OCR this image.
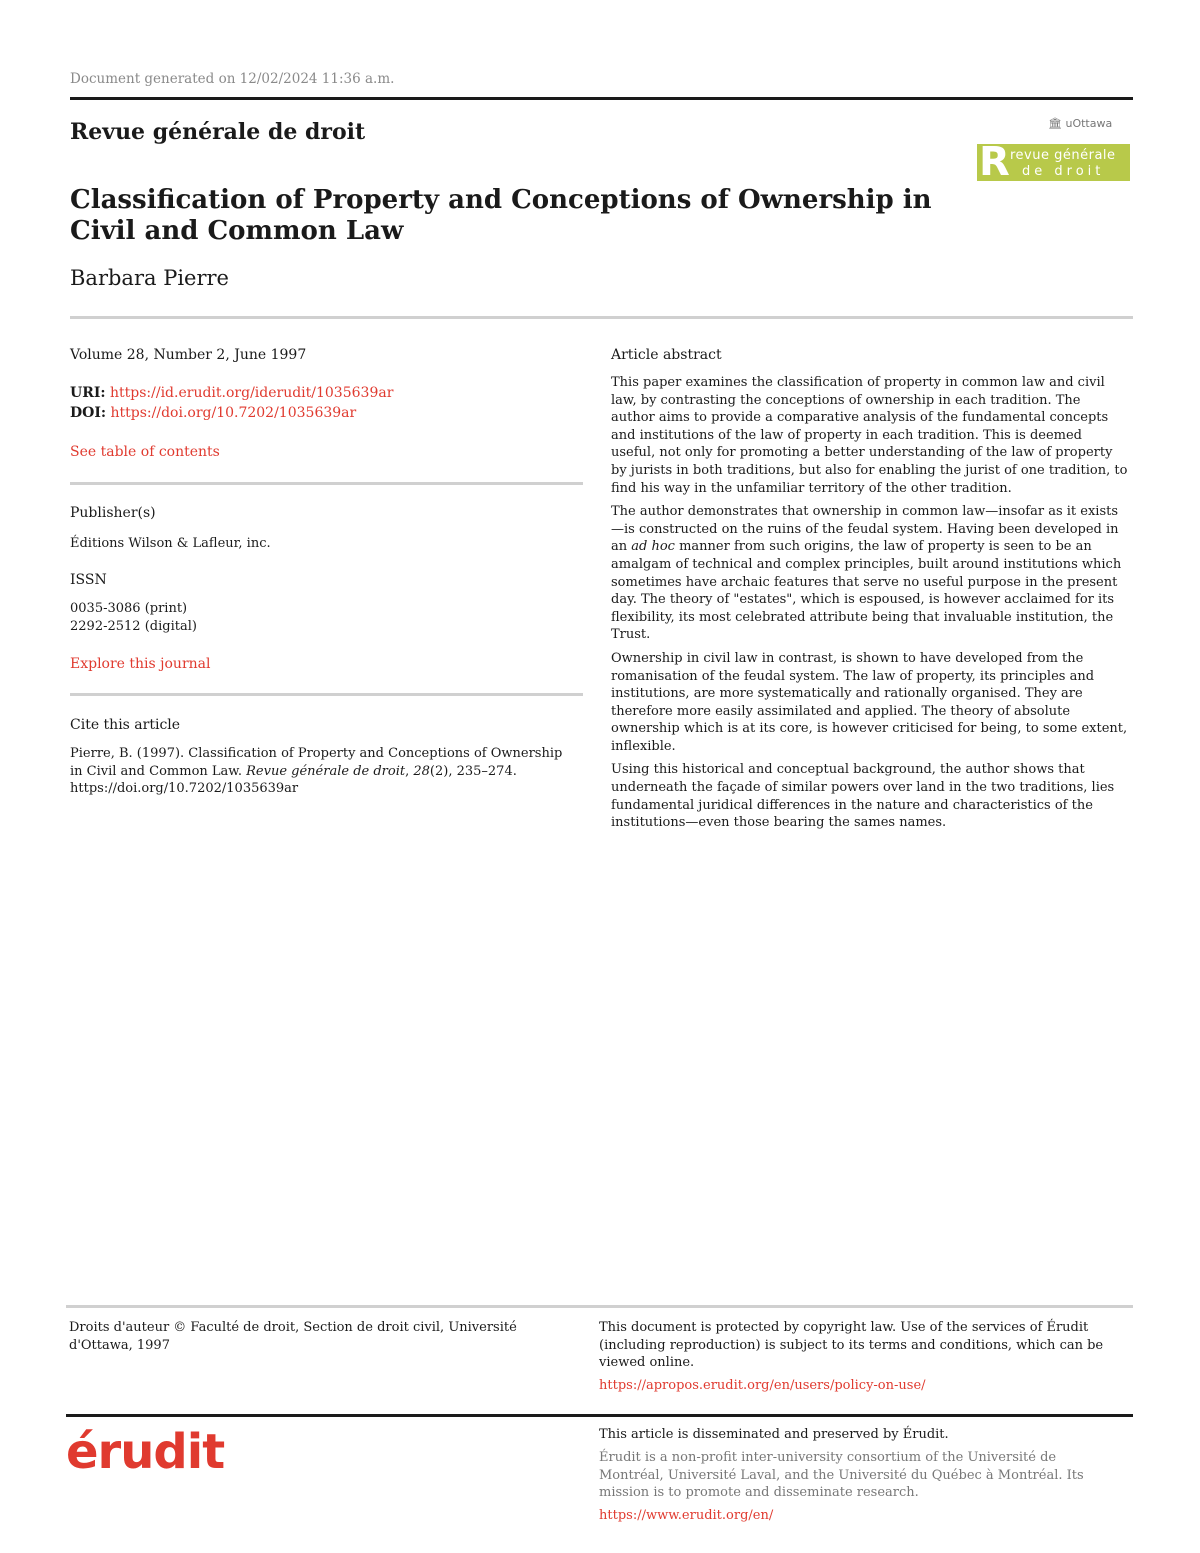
Document generated on 12/02/2024 11:36 a.m.
Revue générale de droit	🏛 uOttawa
R revue générale
de droit
Classification of Property and Conceptions of Ownership in Civil and Common Law
Barbara Pierre
Volume 28, Number 2, June 1997
URI: https://id.erudit.org/iderudit/1035639ar
DOI: https://doi.org/10.7202/1035639ar
See table of contents
Publisher(s)
Éditions Wilson & Lafleur, inc.
ISSN
0035-3086 (print)
2292-2512 (digital)
Explore this journal
Cite this article
Pierre, B. (1997). Classification of Property and Conceptions of Ownership in Civil and Common Law. Revue générale de droit, 28(2), 235–274. https://doi.org/10.7202/1035639ar
Article abstract

This paper examines the classification of property in common law and civil law, by contrasting the conceptions of ownership in each tradition. The author aims to provide a comparative analysis of the fundamental concepts and institutions of the law of property in each tradition. This is deemed useful, not only for promoting a better understanding of the law of property by jurists in both traditions, but also for enabling the jurist of one tradition, to find his way in the unfamiliar territory of the other tradition.

The author demonstrates that ownership in common law—insofar as it exists—is constructed on the ruins of the feudal system. Having been developed in an ad hoc manner from such origins, the law of property is seen to be an amalgam of technical and complex principles, built around institutions which sometimes have archaic features that serve no useful purpose in the present day. The theory of "estates", which is espoused, is however acclaimed for its flexibility, its most celebrated attribute being that invaluable institution, the Trust.

Ownership in civil law in contrast, is shown to have developed from the romanisation of the feudal system. The law of property, its principles and institutions, are more systematically and rationally organised. They are therefore more easily assimilated and applied. The theory of absolute ownership which is at its core, is however criticised for being, to some extent, inflexible.

Using this historical and conceptual background, the author shows that underneath the façade of similar powers over land in the two traditions, lies fundamental juridical differences in the nature and characteristics of the institutions—even those bearing the sames names.

Droits d'auteur © Faculté de droit, Section de droit civil, Université d'Ottawa, 1997
This document is protected by copyright law. Use of the services of Érudit (including reproduction) is subject to its terms and conditions, which can be viewed online.
https://apropos.erudit.org/en/users/policy-on-use/
érudit	This article is disseminated and preserved by Érudit.
Érudit is a non-profit inter-university consortium of the Université de Montréal, Université Laval, and the Université du Québec à Montréal. Its mission is to promote and disseminate research.
https://www.erudit.org/en/
